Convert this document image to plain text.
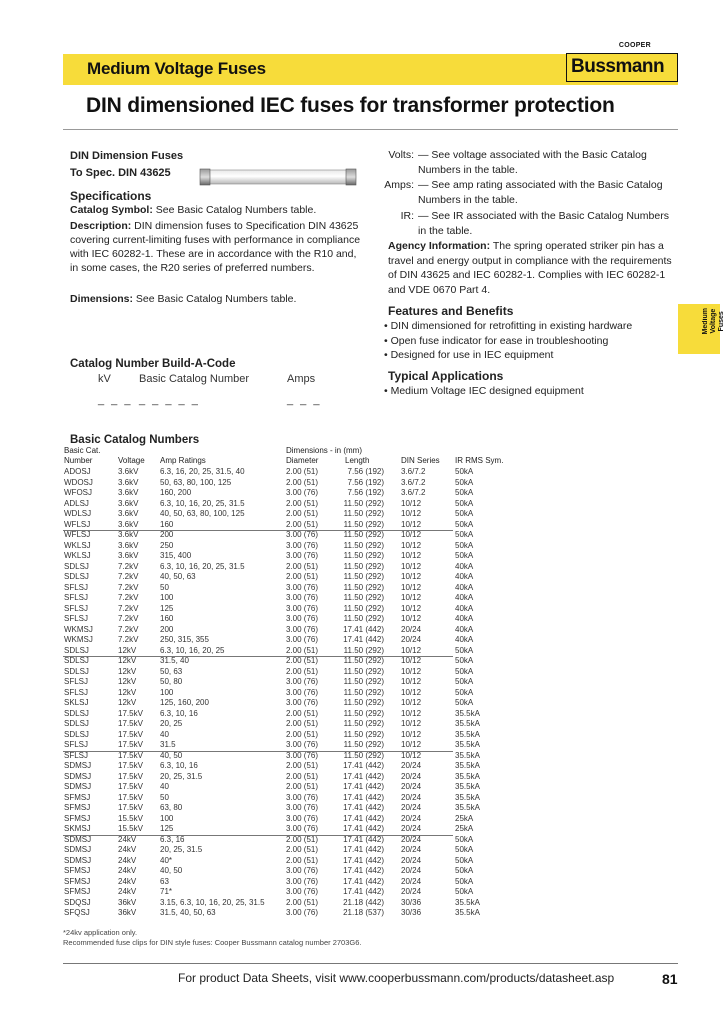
Medium Voltage Fuses
COOPER
Bussmann
DIN dimensioned IEC fuses for transformer protection
DIN Dimension Fuses
To Spec. DIN 43625
Specifications
Catalog Symbol: See Basic Catalog Numbers table.
Description: DIN dimension fuses to Specification DIN 43625 covering current-limiting fuses with performance in compliance with IEC 60282-1. These are in accordance with the R10 and, in some cases, the R20 series of preferred numbers.
Dimensions: See Basic Catalog Numbers table.
Catalog Number Build-A-Code
kV	Basic Catalog Number	Amps
_ _ _ _ _ _ _ _	_ _ _
Volts: — See voltage associated with the Basic Catalog Numbers in the table.
Amps: — See amp rating associated with the Basic Catalog Numbers in the table.
IR: — See IR associated with the Basic Catalog Numbers in the table.
Agency Information: The spring operated striker pin has a travel and energy output in compliance with the requirements of DIN 43625 and IEC 60282-1. Complies with IEC 60282-1 and VDE 0670 Part 4.
Features and Benefits
• DIN dimensioned for retrofitting in existing hardware
• Open fuse indicator for ease in troubleshooting
• Designed for use in IEC equipment
Typical Applications
• Medium Voltage IEC designed equipment
Medium
Voltage
Fuses
Basic Catalog Numbers
Basic Cat.
Number	Voltage Amp Ratings
Dimensions - in (mm)
Diameter	Length	DIN Series IR RMS Sym.
ADOSJ	3.6kV	6.3, 16, 20, 25, 31.5, 40	2.00 (51)	7.56 (192) 3.6/7.2	50kA
WDOSJ	3.6kV	50, 63, 80, 100, 125	2.00 (51)	7.56 (192) 3.6/7.2	50kA
WFOSJ	3.6kV	160, 200	3.00 (76)	7.56 (192) 3.6/7.2	50kA
ADLSJ	3.6kV	6.3, 10, 16, 20, 25, 31.5	2.00 (51)	11.50 (292) 10/12	50kA
WDLSJ	3.6kV	40, 50, 63, 80, 100, 125	2.00 (51)	11.50 (292) 10/12	50kA
WFLSJ	3.6kV	160	2.00 (51)	11.50 (292) 10/12	50kA
WFLSJ	3.6kV	200	3.00 (76)	11.50 (292) 10/12	50kA
WKLSJ	3.6kV	250	3.00 (76)	11.50 (292) 10/12	50kA
WKLSJ	3.6kV	315, 400	3.00 (76)	11.50 (292) 10/12	50kA
SDLSJ	7.2kV	6.3, 10, 16, 20, 25, 31.5	2.00 (51)	11.50 (292) 10/12	40kA
SDLSJ	7.2kV	40, 50, 63	2.00 (51)	11.50 (292) 10/12	40kA
SFLSJ	7.2kV	50	3.00 (76)	11.50 (292) 10/12	40kA
SFLSJ	7.2kV	100	3.00 (76)	11.50 (292) 10/12	40kA
SFLSJ	7.2kV	125	3.00 (76)	11.50 (292) 10/12	40kA
SFLSJ	7.2kV	160	3.00 (76)	11.50 (292) 10/12	40kA
WKMSJ	7.2kV	200	3.00 (76)	17.41 (442) 20/24	40kA
WKMSJ	7.2kV	250, 315, 355	3.00 (76)	17.41 (442) 20/24	40kA
SDLSJ	12kV	6.3, 10, 16, 20, 25	2.00 (51)	11.50 (292) 10/12	50kA
SDLSJ	12kV	31.5, 40	2.00 (51)	11.50 (292) 10/12	50kA
SDLSJ	12kV	50, 63	2.00 (51)	11.50 (292) 10/12	50kA
SFLSJ	12kV	50, 80	3.00 (76)	11.50 (292) 10/12	50kA
SFLSJ	12kV	100	3.00 (76)	11.50 (292) 10/12	50kA
SKLSJ	12kV	125, 160, 200	3.00 (76)	11.50 (292) 10/12	50kA
SDLSJ	17.5kV 6.3, 10, 16	2.00 (51)	11.50 (292) 10/12	35.5kA
SDLSJ	17.5kV 20, 25	2.00 (51)	11.50 (292) 10/12	35.5kA
SDLSJ	17.5kV 40	2.00 (51)	11.50 (292) 10/12	35.5kA
SFLSJ	17.5kV 31.5	3.00 (76)	11.50 (292) 10/12	35.5kA
SFLSJ	17.5kV 40, 50	3.00 (76)	11.50 (292) 10/12	35.5kA
SDMSJ	17.5kV 6.3, 10, 16	2.00 (51)	17.41 (442) 20/24	35.5kA
SDMSJ	17.5kV 20, 25, 31.5	2.00 (51)	17.41 (442) 20/24	35.5kA
SDMSJ	17.5kV 40	2.00 (51)	17.41 (442) 20/24	35.5kA
SFMSJ	17.5kV 50	3.00 (76)	17.41 (442) 20/24	35.5kA
SFMSJ	17.5kV 63, 80	3.00 (76)	17.41 (442) 20/24	35.5kA
SFMSJ	15.5kV 100	3.00 (76)	17.41 (442) 20/24	25kA
SKMSJ	15.5kV 125	3.00 (76)	17.41 (442) 20/24	25kA
SDMSJ	24kV	6.3, 16	2.00 (51)	17.41 (442) 20/24	50kA
SDMSJ	24kV	20, 25, 31.5	2.00 (51)	17.41 (442) 20/24	50kA
SDMSJ	24kV	40*	2.00 (51)	17.41 (442) 20/24	50kA
SFMSJ	24kV	40, 50	3.00 (76)	17.41 (442) 20/24	50kA
SFMSJ	24kV	63	3.00 (76)	17.41 (442) 20/24	50kA
SFMSJ	24kV	71*	3.00 (76)	17.41 (442) 20/24	50kA
SDQSJ	36kV	3.15, 6.3, 10, 16, 20, 25, 31.5	2.00 (51)	21.18 (442) 30/36	35.5kA
SFQSJ	36kV	31.5, 40, 50, 63	3.00 (76)	21.18 (537) 30/36	35.5kA
*24kv application only.
Recommended fuse clips for DIN style fuses: Cooper Bussmann catalog number 2703G6.
For product Data Sheets, visit www.cooperbussmann.com/products/datasheet.asp	81
